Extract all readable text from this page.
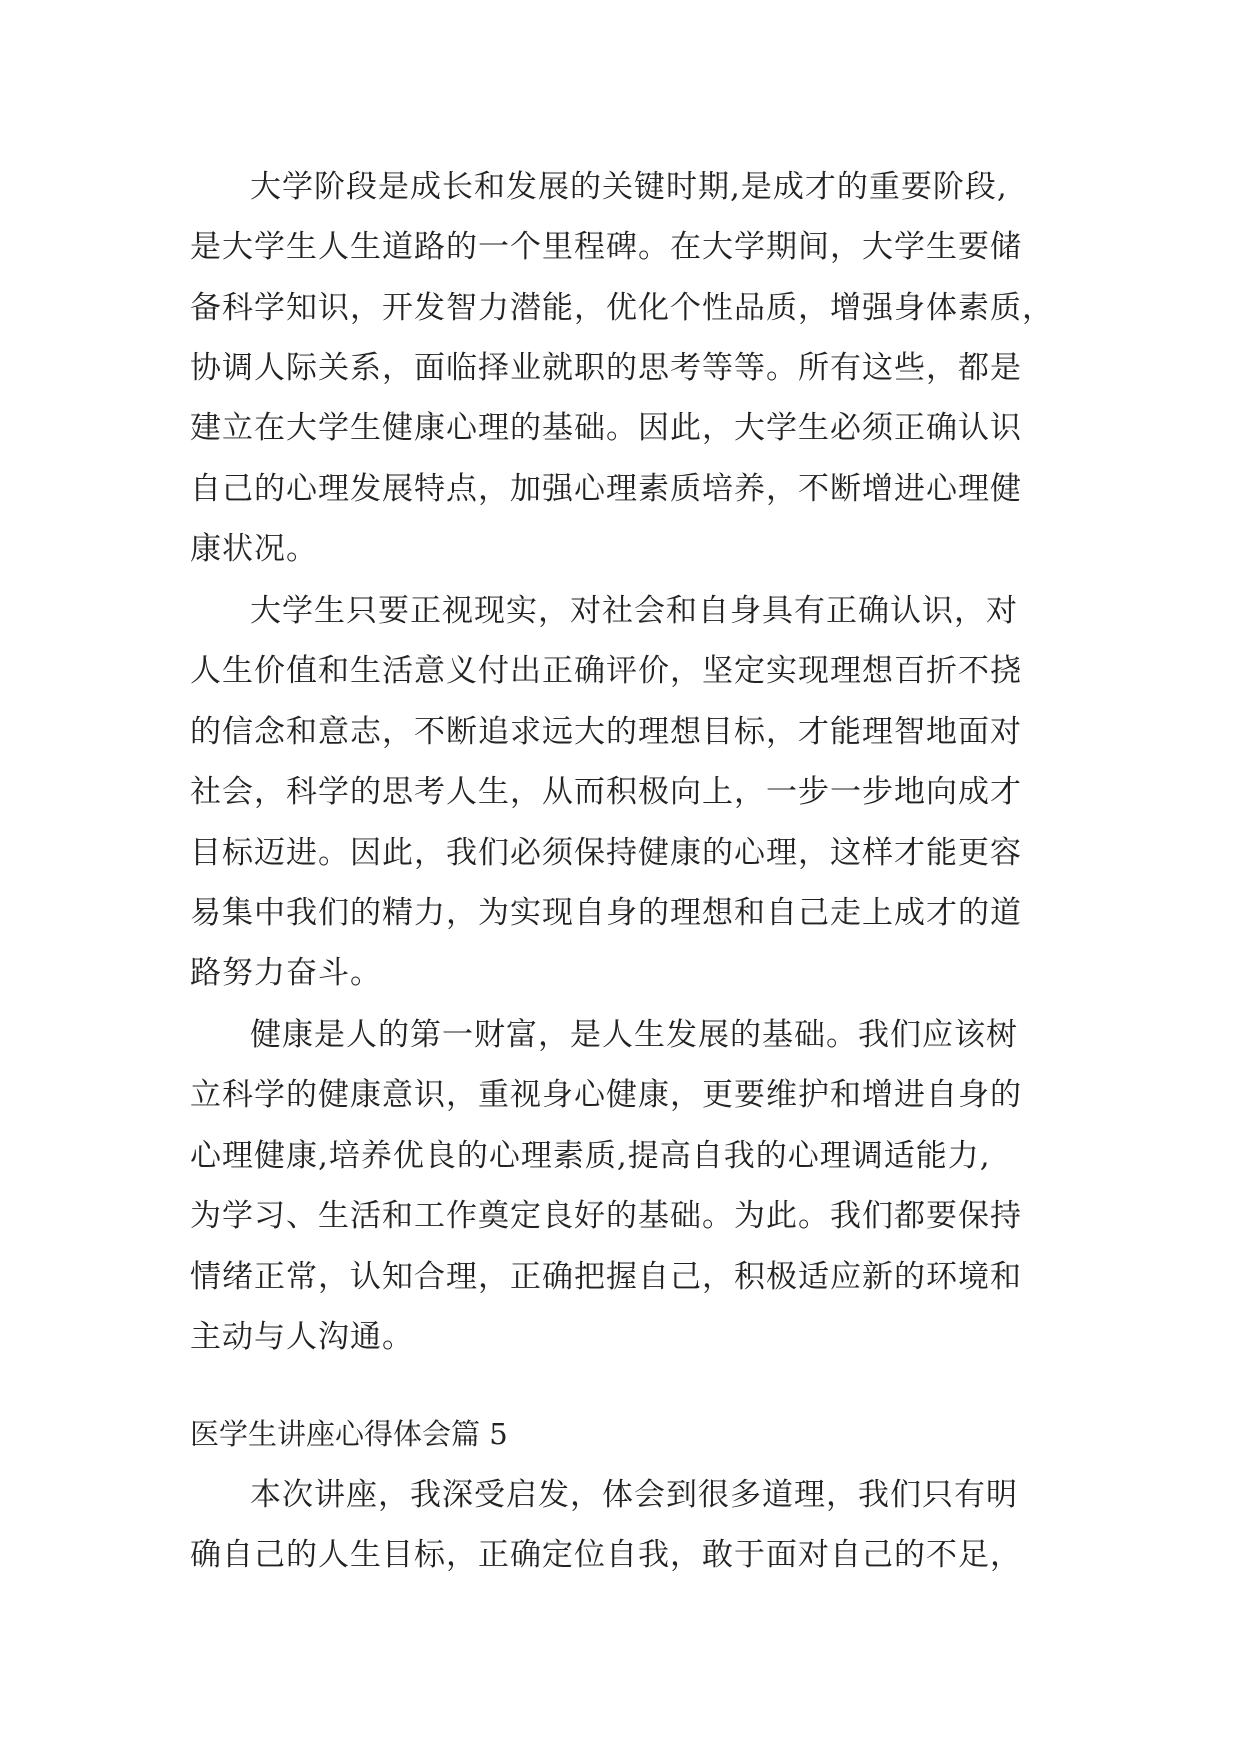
大学阶段是成长和发展的关键时期,是成才的重要阶段,
是大学生人生道路的一个里程碑。在大学期间，大学生要储
备科学知识，开发智力潜能，优化个性品质，增强身体素质，
协调人际关系，面临择业就职的思考等等。所有这些，都是
建立在大学生健康心理的基础。因此，大学生必须正确认识
自己的心理发展特点，加强心理素质培养，不断增进心理健
康状况。
大学生只要正视现实，对社会和自身具有正确认识，对
人生价值和生活意义付出正确评价，坚定实现理想百折不挠
的信念和意志，不断追求远大的理想目标，才能理智地面对
社会，科学的思考人生，从而积极向上，一步一步地向成才
目标迈进。因此，我们必须保持健康的心理，这样才能更容
易集中我们的精力，为实现自身的理想和自己走上成才的道
路努力奋斗。
健康是人的第一财富，是人生发展的基础。我们应该树
立科学的健康意识，重视身心健康，更要维护和增进自身的
心理健康,培养优良的心理素质,提高自我的心理调适能力,
为学习、生活和工作奠定良好的基础。为此。我们都要保持
情绪正常，认知合理，正确把握自己，积极适应新的环境和
主动与人沟通。
医学生讲座心得体会篇 5
本次讲座，我深受启发，体会到很多道理，我们只有明
确自己的人生目标，正确定位自我，敢于面对自己的不足，
